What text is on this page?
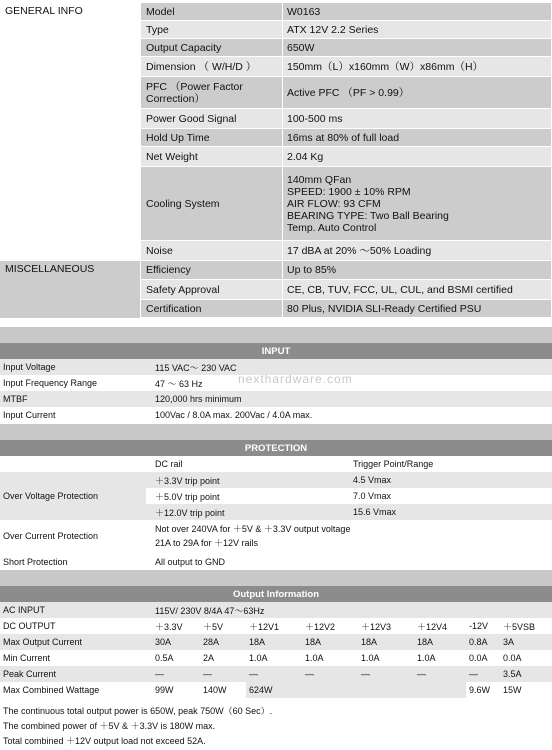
GENERAL INFO	Model	W0163
	Type	ATX 12V 2.2 Series
	Output Capacity	650W
	Dimension （ W/H/D ）	150mm（L）x160mm（W）x86mm（H）

	PFC （Power Factor
Correction）	Active PFC （PF > 0.99）
	Power Good Signal	100-500 ms
	Hold Up Time	16ms at 80% of full load
	Net Weight	2.04 Kg
	Cooling System	140mm QFan
SPEED: 1900 ± 10% RPM
AIR FLOW: 93 CFM
BEARING TYPE: Two Ball Bearing
Temp. Auto Control

	Noise	17 dBA at 20% ～50% Loading
MISCELLANEOUS	Efficiency	Up to 85%
	Safety Approval	CE, CB, TUV, FCC, UL, CUL, and BSMI certified
	Certification	80 Plus, NVIDIA SLI-Ready Certified PSU

INPUT	
Input Voltage	115 VAC～ 230 VAC
Input Frequency Range	47 ～ 63 Hz
MTBF	120,000 hrs minimum
Input Current	100Vac / 8.0A max. 200Vac / 4.0A max.
nexthardware.com

PROTECTION		
	DC rail	Trigger Point/Range
Over Voltage Protection	＋3.3V trip point	4.5 Vmax
	＋5.0V trip point	7.0 Vmax
	＋12.0V trip point	15.6 Vmax
Over Current Protection	Not over 240VA for ＋5V & ＋3.3V output voltage
21A to 29A for ＋12V rails	

Short Protection	All output to GND	

Output Information								
AC INPUT	115V/ 230V 8/4A 47～63Hz							
DC OUTPUT	＋3.3V	＋5V	＋12V1	＋12V2	＋12V3	＋12V4	-12V	＋5VSB
Max Output Current	30A	28A	18A	18A	18A	18A	0.8A	3A
Min Current	0.5A	2A	1.0A	1.0A	1.0A	1.0A	0.0A	0.0A
Peak Current	—	—	—	—	—	—	—	3.5A
Max Combined Wattage	99W	140W	624W				9.6W	15W
The continuous total output power is 650W, peak 750W（60 Sec）.
The combined power of ＋5V & ＋3.3V is 180W max.
Total combined ＋12V output load not exceed 52A.
